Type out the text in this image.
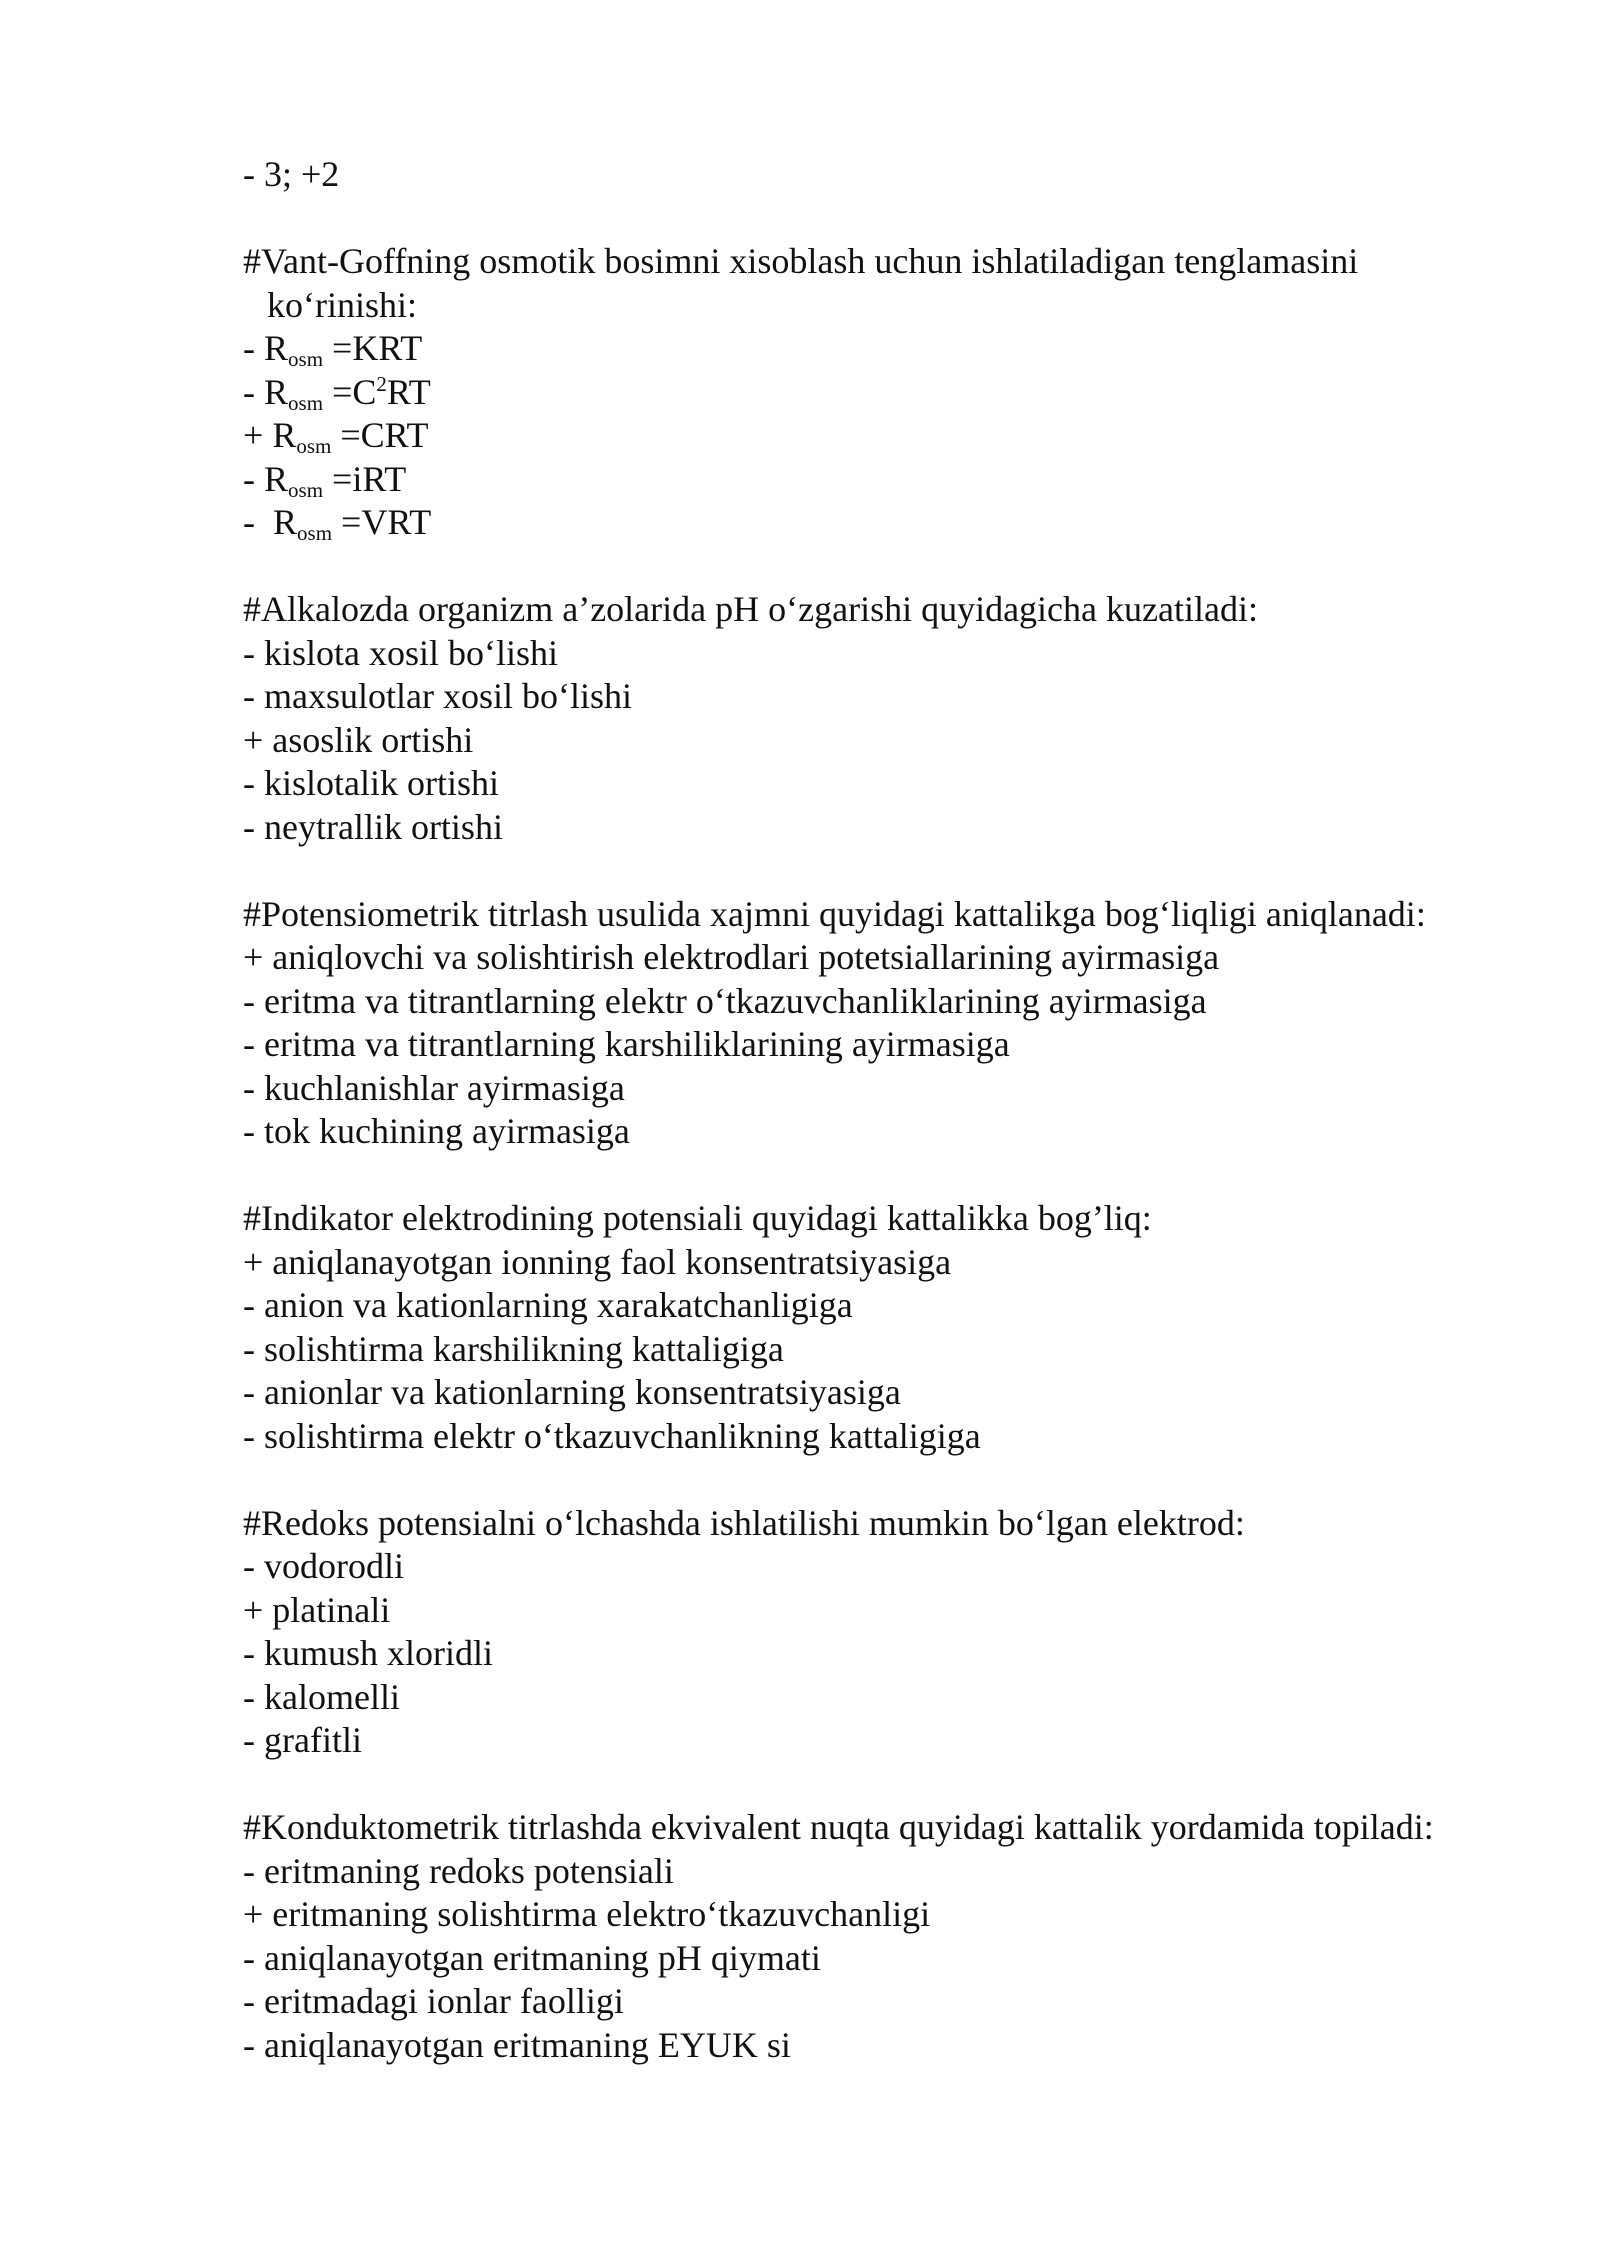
- 3; +2
#Vant-Goffning osmotik bosimni xisoblash uchun ishlatiladigan tenglamasini
ko‘rinishi:
- $R_{osm} =KRT$
- $R_{osm} =C^2RT$
+ $R_{osm} =CRT$
- $R_{osm} =iRT$
-  $R_{osm} =VRT$
#Alkalozda organizm a’zolarida pH o‘zgarishi quyidagicha kuzatiladi:
- kislota xosil bo‘lishi
- maxsulotlar xosil bo‘lishi
+ asoslik ortishi
- kislotalik ortishi
- neytrallik ortishi
#Potensiometrik titrlash usulida xajmni quyidagi kattalikga bog‘liqligi aniqlanadi:
+ aniqlovchi va solishtirish elektrodlari potetsiallarining ayirmasiga
- eritma va titrantlarning elektr o‘tkazuvchanliklarining ayirmasiga
- eritma va titrantlarning karshiliklarining ayirmasiga
- kuchlanishlar ayirmasiga
- tok kuchining ayirmasiga
#Indikator elektrodining potensiali quyidagi kattalikka bog’liq:
+ aniqlanayotgan ionning faol konsentratsiyasiga
- anion va kationlarning xarakatchanligiga
- solishtirma karshilikning kattaligiga
- anionlar va kationlarning konsentratsiyasiga
- solishtirma elektr o‘tkazuvchanlikning kattaligiga
#Redoks potensialni o‘lchashda ishlatilishi mumkin bo‘lgan elektrod:
- vodorodli
+ platinali
- kumush xloridli
- kalomelli
- grafitli
#Konduktometrik titrlashda ekvivalent nuqta quyidagi kattalik yordamida topiladi:
- eritmaning redoks potensiali
+ eritmaning solishtirma elektro‘tkazuvchanligi
- aniqlanayotgan eritmaning pH qiymati
- eritmadagi ionlar faolligi
- aniqlanayotgan eritmaning EYUK si
